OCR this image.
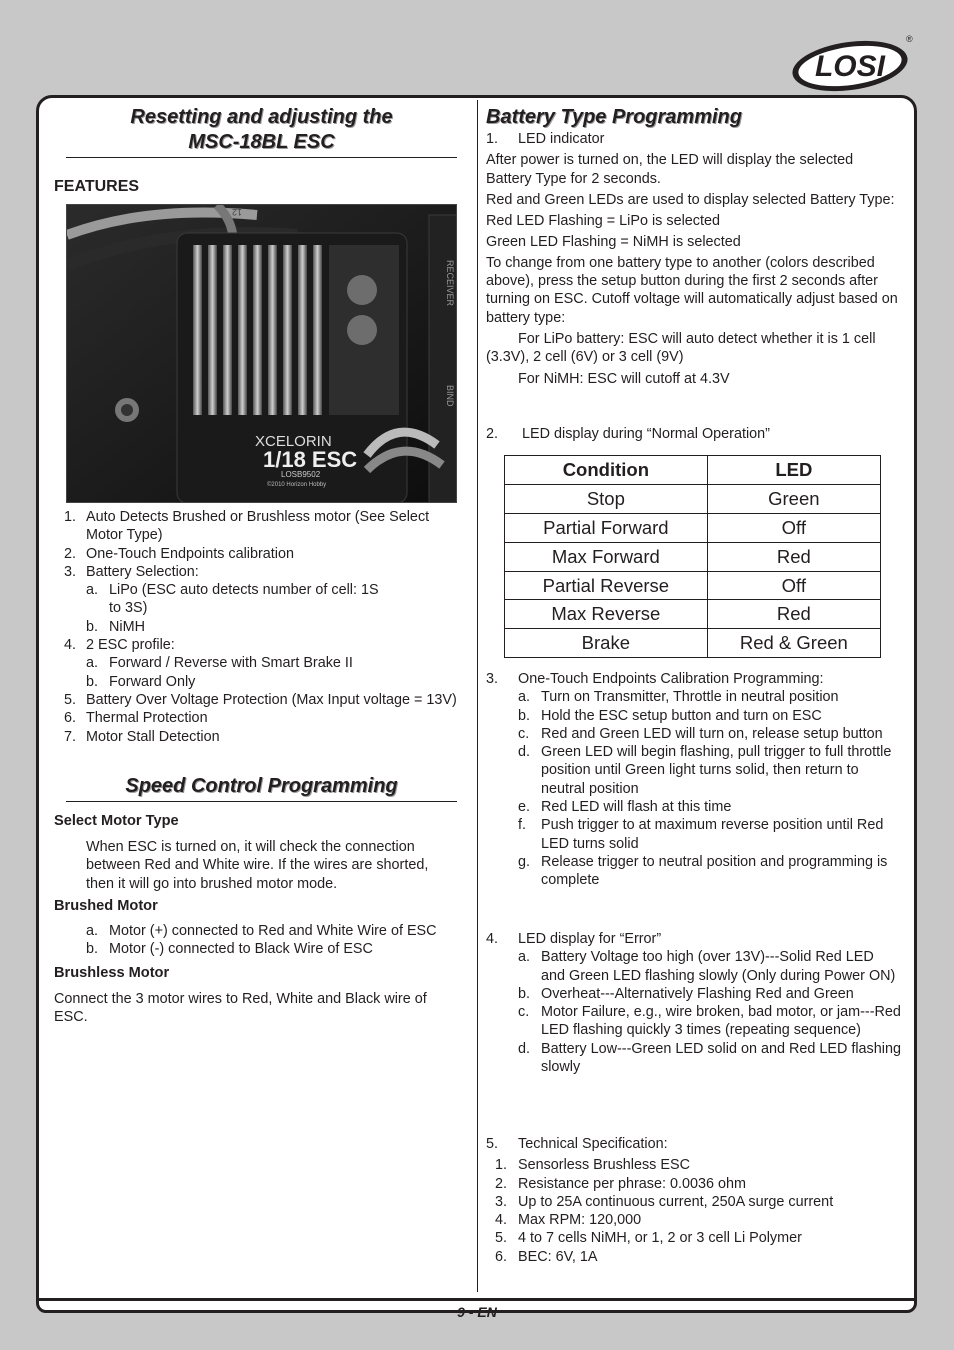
LOSI
®
Resetting and adjusting the
MSC-18BL ESC
FEATURES
XCELORIN
1/18 ESC
LOSB9502
©2010 Horizon Hobby
RECEIVER
BIND
12
1. Auto Detects Brushed or Brushless motor (See Select Motor Type)
2. One-Touch Endpoints calibration
3. Battery Selection:
a. LiPo (ESC auto detects number of cell: 1S to 3S)
b. NiMH
4. 2 ESC profile:
a. Forward / Reverse with Smart Brake II
b. Forward Only
5. Battery Over Voltage Protection (Max Input voltage = 13V)
6. Thermal Protection
7. Motor Stall Detection
Speed Control Programming
Select Motor Type
When ESC is turned on, it will check the connection between Red and White wire. If the wires are shorted, then it will go into brushed motor mode.
Brushed Motor
a. Motor (+) connected to Red and White Wire of ESC
b. Motor (-) connected to Black Wire of ESC
Brushless Motor
Connect the 3 motor wires to Red, White and Black wire of ESC.
Battery Type Programming
1.	LED indicator
After power is turned on, the LED will display the selected Battery Type for 2 seconds.
Red and Green LEDs are used to display selected Battery Type:
Red LED Flashing = LiPo is selected
Green LED Flashing = NiMH is selected
To change from one battery type to another (colors described above), press the setup button during the first 2 seconds after turning on ESC. Cutoff voltage will automatically adjust based on battery type:
For LiPo battery: ESC will auto detect whether it is 1 cell (3.3V), 2 cell (6V) or 3 cell (9V)
For NiMH: ESC will cutoff at 4.3V
2.	LED display during “Normal Operation”
Condition	LED
Stop	Green
Partial Forward	Off
Max Forward	Red
Partial Reverse	Off
Max Reverse	Red
Brake	Red & Green
3.	One-Touch Endpoints Calibration Programming:
a. Turn on Transmitter, Throttle in neutral position
b. Hold the ESC setup button and turn on ESC
c. Red and Green LED will turn on, release setup button
d. Green LED will begin flashing, pull trigger to full throttle position until Green light turns solid, then return to neutral position
e. Red LED will flash at this time
f.	Push trigger to at maximum reverse position until Red LED turns solid
g. Release trigger to neutral position and programming is complete
4.	LED display for “Error”
a. Battery Voltage too high (over 13V)---Solid Red LED and Green LED flashing slowly (Only during Power ON)
b. Overheat---Alternatively Flashing Red and Green
c. Motor Failure, e.g., wire broken, bad motor, or jam---Red LED flashing quickly 3 times (repeating sequence)
d. Battery Low---Green LED solid on and Red LED flashing slowly
5.	Technical Specification:
1. Sensorless Brushless ESC
2. Resistance per phrase: 0.0036 ohm
3. Up to 25A continuous current, 250A surge current
4. Max RPM: 120,000
5. 4 to 7 cells NiMH, or 1, 2 or 3 cell Li Polymer
6. BEC: 6V, 1A
9 - EN
